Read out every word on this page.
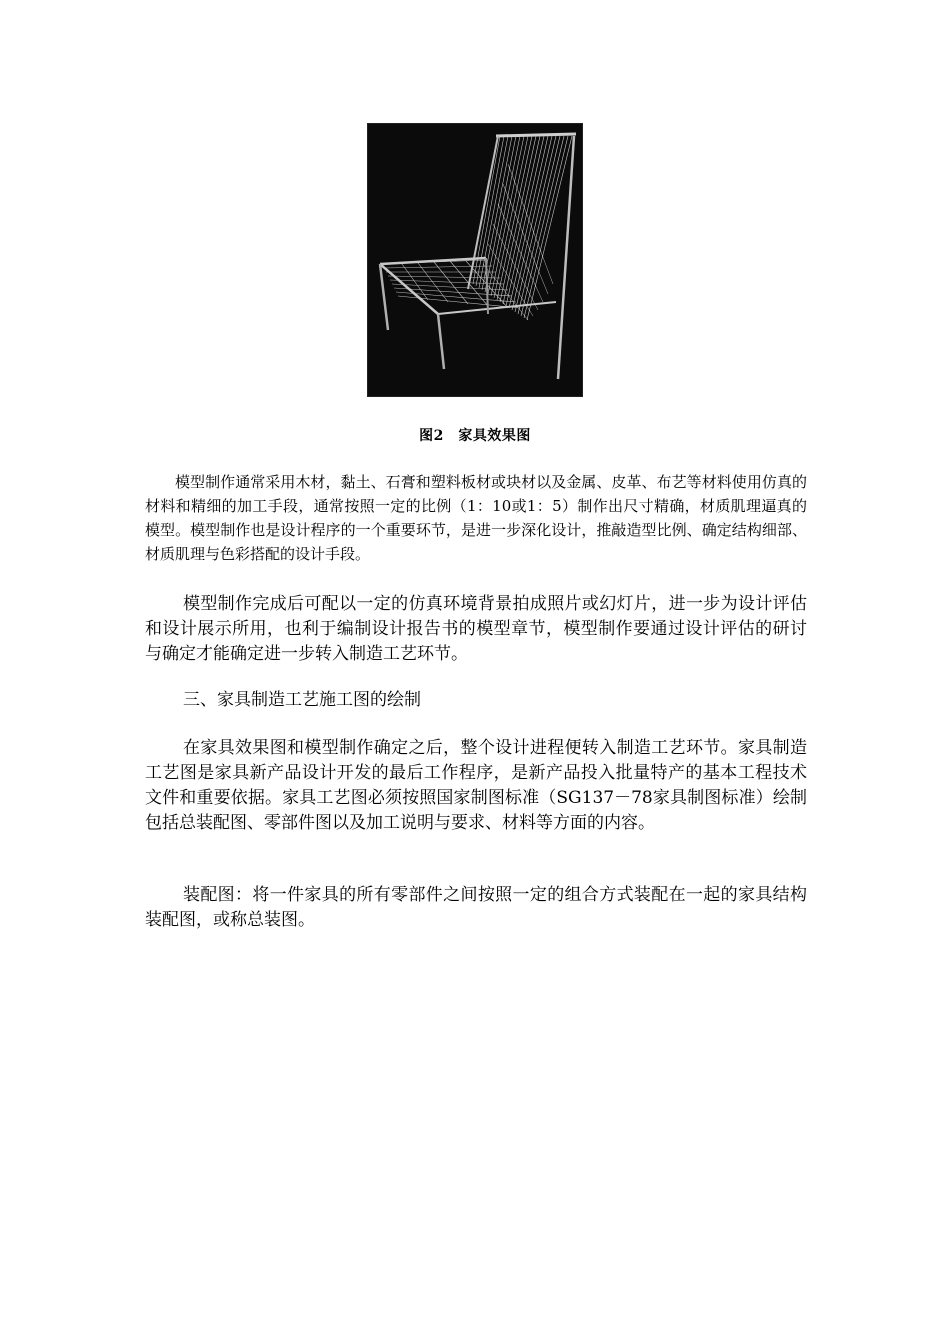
图2　家具效果图

模型制作通常采用木材，黏土、石膏和塑料板材或块材以及金属、皮革、布艺等材料使用仿真的材料和精细的加工手段，通常按照一定的比例（1：10或1：5）制作出尺寸精确，材质肌理逼真的模型。模型制作也是设计程序的一个重要环节，是进一步深化设计，推敲造型比例、确定结构细部、材质肌理与色彩搭配的设计手段。

模型制作完成后可配以一定的仿真环境背景拍成照片或幻灯片，进一步为设计评估和设计展示所用，也利于编制设计报告书的模型章节，模型制作要通过设计评估的研讨与确定才能确定进一步转入制造工艺环节。

三、家具制造工艺施工图的绘制

在家具效果图和模型制作确定之后，整个设计进程便转入制造工艺环节。家具制造工艺图是家具新产品设计开发的最后工作程序，是新产品投入批量特产的基本工程技术文件和重要依据。家具工艺图必须按照国家制图标准（SG137－78家具制图标准）绘制包括总装配图、零部件图以及加工说明与要求、材料等方面的内容。

装配图：将一件家具的所有零部件之间按照一定的组合方式装配在一起的家具结构装配图，或称总装图。
